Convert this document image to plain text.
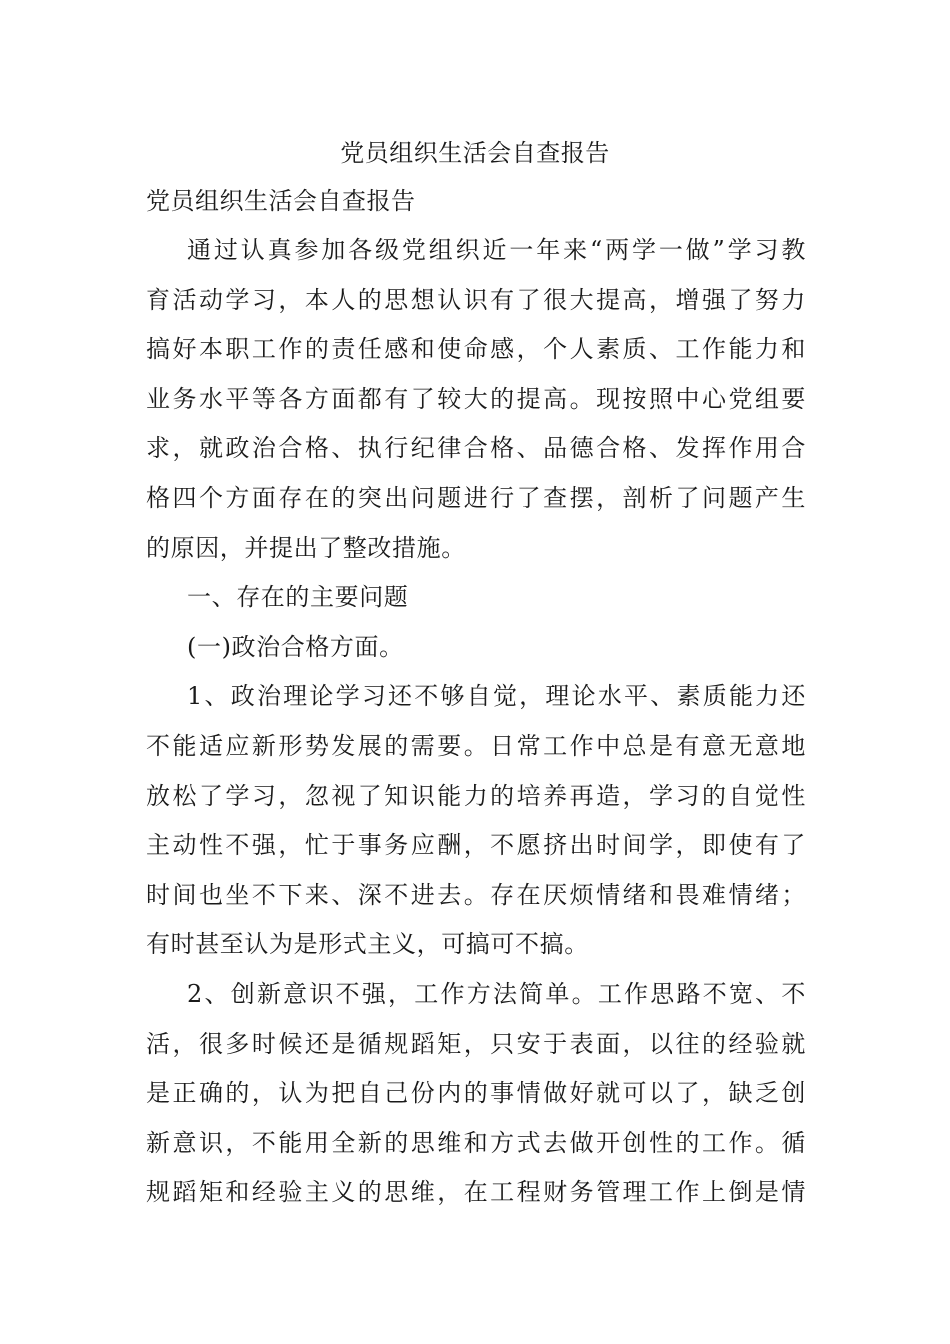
党员组织生活会自查报告
党员组织生活会自查报告
通过认真参加各级党组织近一年来“两学一做”学习教
育活动学习，本人的思想认识有了很大提高，增强了努力
搞好本职工作的责任感和使命感，个人素质、工作能力和
业务水平等各方面都有了较大的提高。现按照中心党组要
求，就政治合格、执行纪律合格、品德合格、发挥作用合
格四个方面存在的突出问题进行了查摆，剖析了问题产生
的原因，并提出了整改措施。
一、存在的主要问题
(一)政治合格方面。
1、政治理论学习还不够自觉，理论水平、素质能力还
不能适应新形势发展的需要。日常工作中总是有意无意地
放松了学习，忽视了知识能力的培养再造，学习的自觉性
主动性不强，忙于事务应酬，不愿挤出时间学，即使有了
时间也坐不下来、深不进去。存在厌烦情绪和畏难情绪；
有时甚至认为是形式主义，可搞可不搞。
2、创新意识不强，工作方法简单。工作思路不宽、不
活，很多时候还是循规蹈矩，只安于表面，以往的经验就
是正确的，认为把自己份内的事情做好就可以了，缺乏创
新意识，不能用全新的思维和方式去做开创性的工作。循
规蹈矩和经验主义的思维，在工程财务管理工作上倒是情
